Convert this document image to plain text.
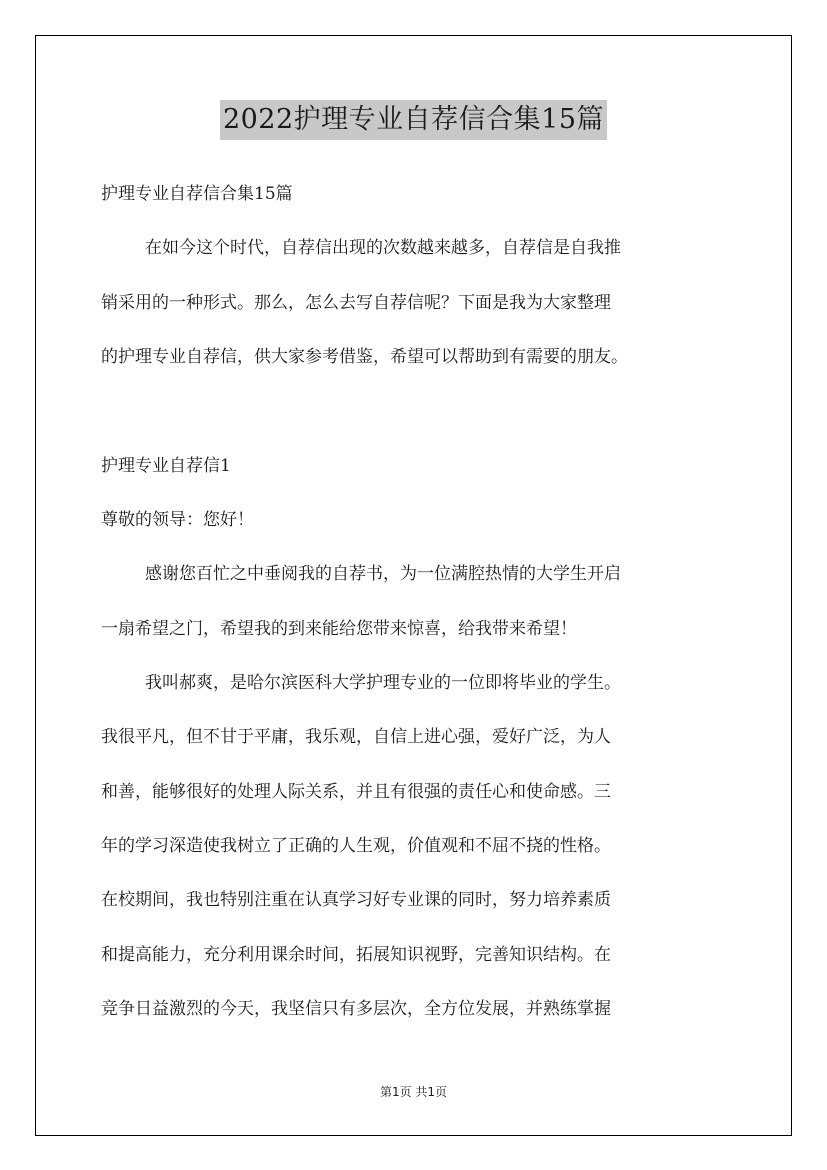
2022护理专业自荐信合集15篇
护理专业自荐信合集15篇
在如今这个时代，自荐信出现的次数越来越多，自荐信是自我推
销采用的一种形式。那么，怎么去写自荐信呢？下面是我为大家整理
的护理专业自荐信，供大家参考借鉴，希望可以帮助到有需要的朋友。
护理专业自荐信1
尊敬的领导：您好！
感谢您百忙之中垂阅我的自荐书，为一位满腔热情的大学生开启
一扇希望之门，希望我的到来能给您带来惊喜，给我带来希望！
我叫郝爽，是哈尔滨医科大学护理专业的一位即将毕业的学生。
我很平凡，但不甘于平庸，我乐观，自信上进心强，爱好广泛，为人
和善，能够很好的处理人际关系，并且有很强的责任心和使命感。三
年的学习深造使我树立了正确的人生观，价值观和不屈不挠的性格。
在校期间，我也特别注重在认真学习好专业课的同时，努力培养素质
和提高能力，充分利用课余时间，拓展知识视野，完善知识结构。在
竞争日益激烈的今天，我坚信只有多层次，全方位发展，并熟练掌握
第1页 共1页
